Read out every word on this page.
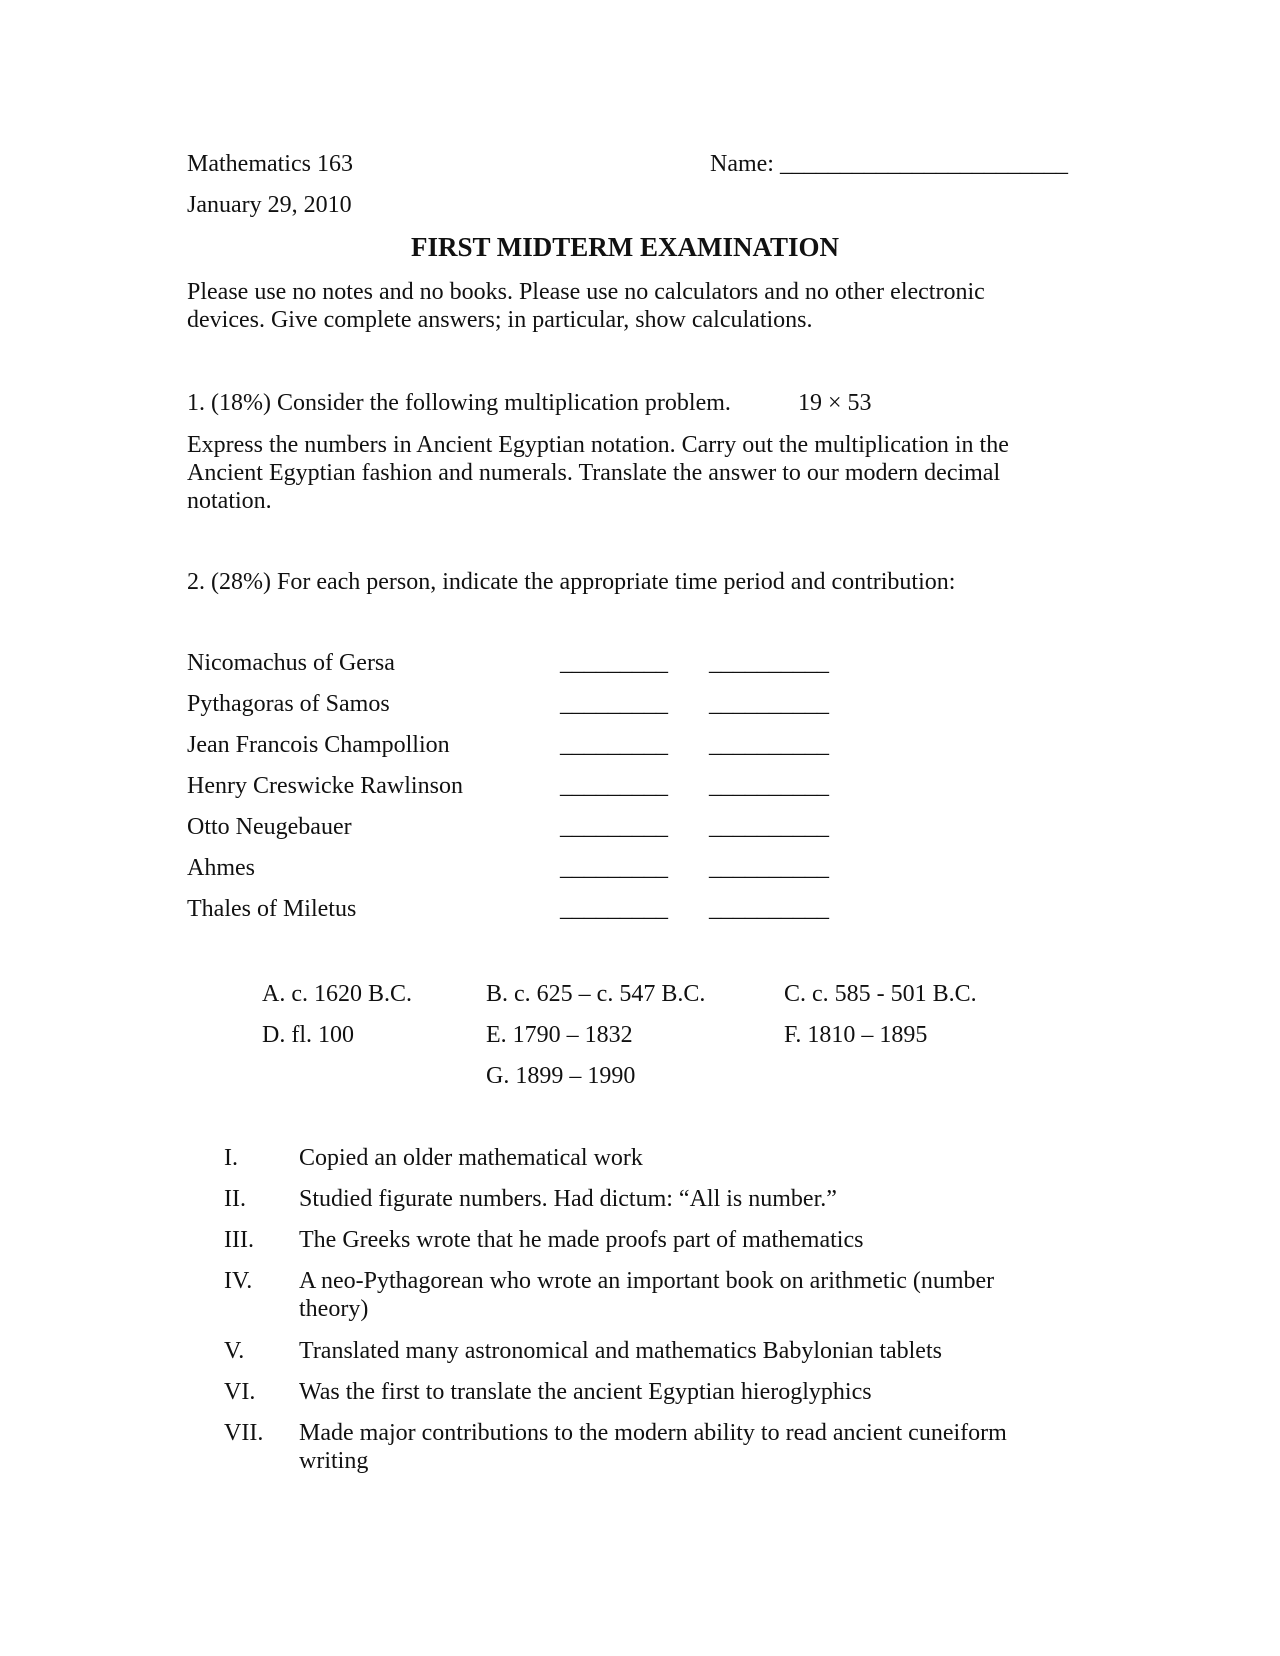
Mathematics 163	Name: ________________________
January 29, 2010
FIRST MIDTERM EXAMINATION
Please use no notes and no books. Please use no calculators and no other electronic
devices. Give complete answers; in particular, show calculations.
1. (18%) Consider the following multiplication problem.	19 × 53
Express the numbers in Ancient Egyptian notation. Carry out the multiplication in the
Ancient Egyptian fashion and numerals. Translate the answer to our modern decimal
notation.
2. (28%) For each person, indicate the appropriate time period and contribution:
Nicomachus of Gersa	_________ __________
Pythagoras of Samos	_________ __________
Jean Francois Champollion	_________ __________
Henry Creswicke Rawlinson	_________ __________
Otto Neugebauer	_________ __________
Ahmes	_________ __________
Thales of Miletus	_________ __________
A. c. 1620 B.C.	B. c. 625 – c. 547 B.C.	C. c. 585 - 501 B.C.
D. fl. 100	E. 1790 – 1832	F. 1810 – 1895
G. 1899 – 1990
I.	Copied an older mathematical work
II. Studied figurate numbers. Had dictum: “All is number.”
III. The Greeks wrote that he made proofs part of mathematics
IV. A neo-Pythagorean who wrote an important book on arithmetic (number
theory)
V. Translated many astronomical and mathematics Babylonian tablets
VI. Was the first to translate the ancient Egyptian hieroglyphics
VII. Made major contributions to the modern ability to read ancient cuneiform
writing
